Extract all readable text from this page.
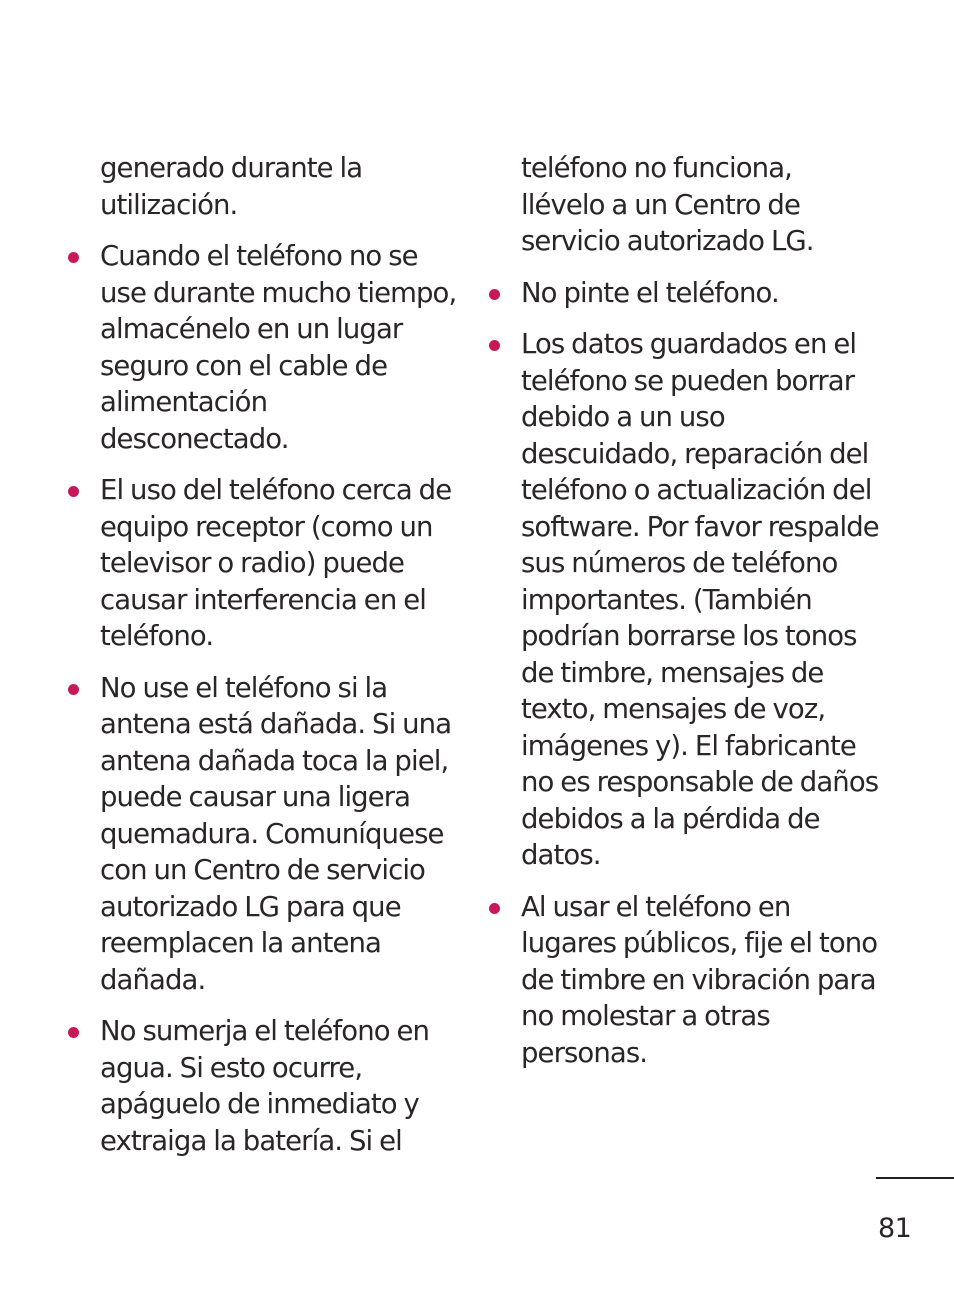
generado durante la utilización.

Cuando el teléfono no se use durante mucho tiempo, almacénelo en un lugar seguro con el cable de alimentación desconectado.

El uso del teléfono cerca de equipo receptor (como un televisor o radio) puede causar interferencia en el teléfono.

No use el teléfono si la antena está dañada. Si una antena dañada toca la piel, puede causar una ligera quemadura. Comuníquese con un Centro de servicio autorizado LG para que reemplacen la antena dañada.

No sumerja el teléfono en agua. Si esto ocurre, apáguelo de inmediato y extraiga la batería. Si el

teléfono no funciona, llévelo a un Centro de servicio autorizado LG.

No pinte el teléfono.

Los datos guardados en el teléfono se pueden borrar debido a un uso descuidado, reparación del teléfono o actualización del software. Por favor respalde sus números de teléfono importantes. (También podrían borrarse los tonos de timbre, mensajes de texto, mensajes de voz, imágenes y). El fabricante no es responsable de daños debidos a la pérdida de datos.

Al usar el teléfono en lugares públicos, fije el tono de timbre en vibración para no molestar a otras personas.

81
